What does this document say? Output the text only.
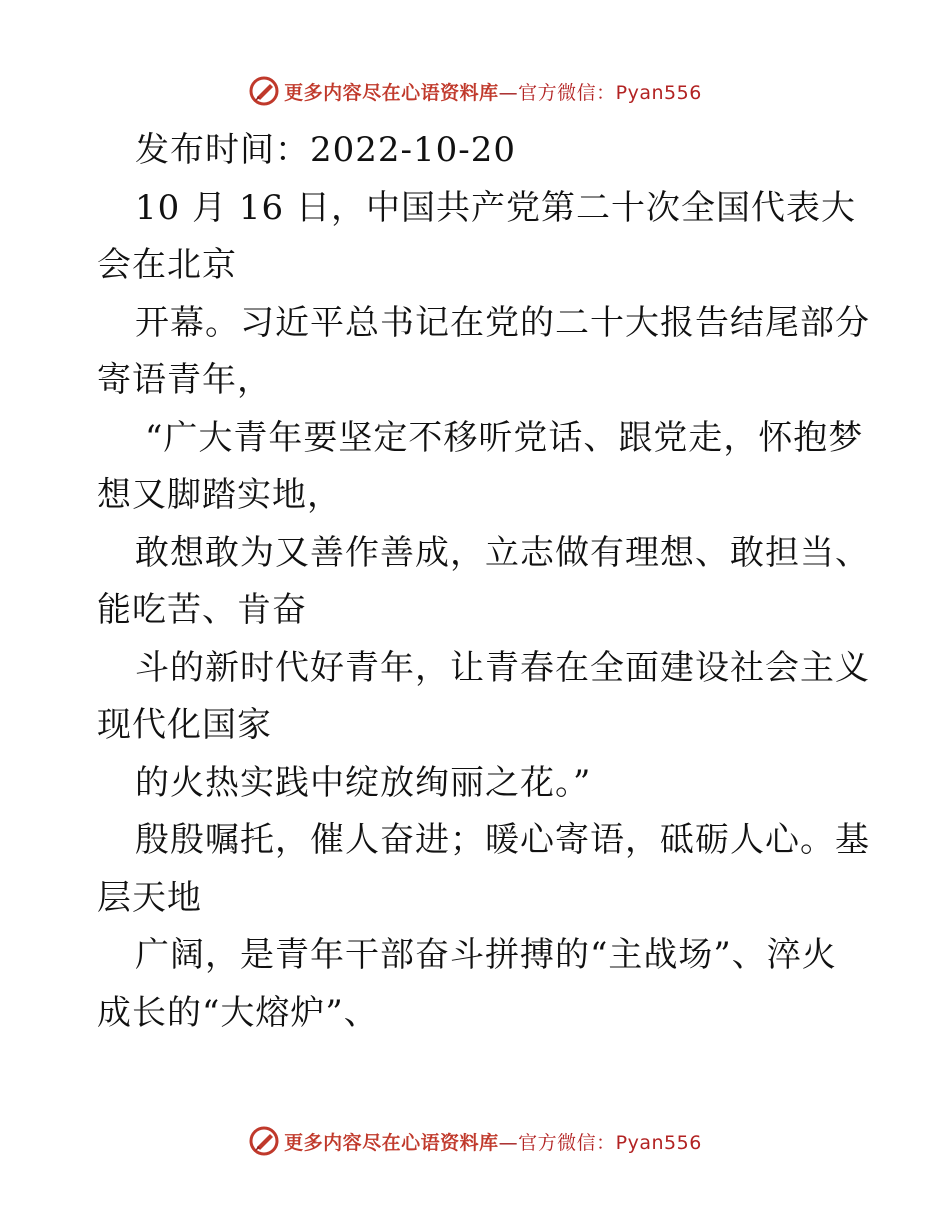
更多内容尽在心语资料库—官方微信：Pyan556
发布时间：2022-10-20
10 月 16 日，中国共产党第二十次全国代表大
会在北京
开幕。习近平总书记在党的二十大报告结尾部分
寄语青年，
“广大青年要坚定不移听党话、跟党走，怀抱梦
想又脚踏实地，
敢想敢为又善作善成，立志做有理想、敢担当、
能吃苦、肯奋
斗的新时代好青年，让青春在全面建设社会主义
现代化国家
的火热实践中绽放绚丽之花。”
殷殷嘱托，催人奋进；暖心寄语，砥砺人心。基
层天地
广阔，是青年干部奋斗拼搏的“主战场”、淬火
成长的“大熔炉”、
更多内容尽在心语资料库—官方微信：Pyan556
